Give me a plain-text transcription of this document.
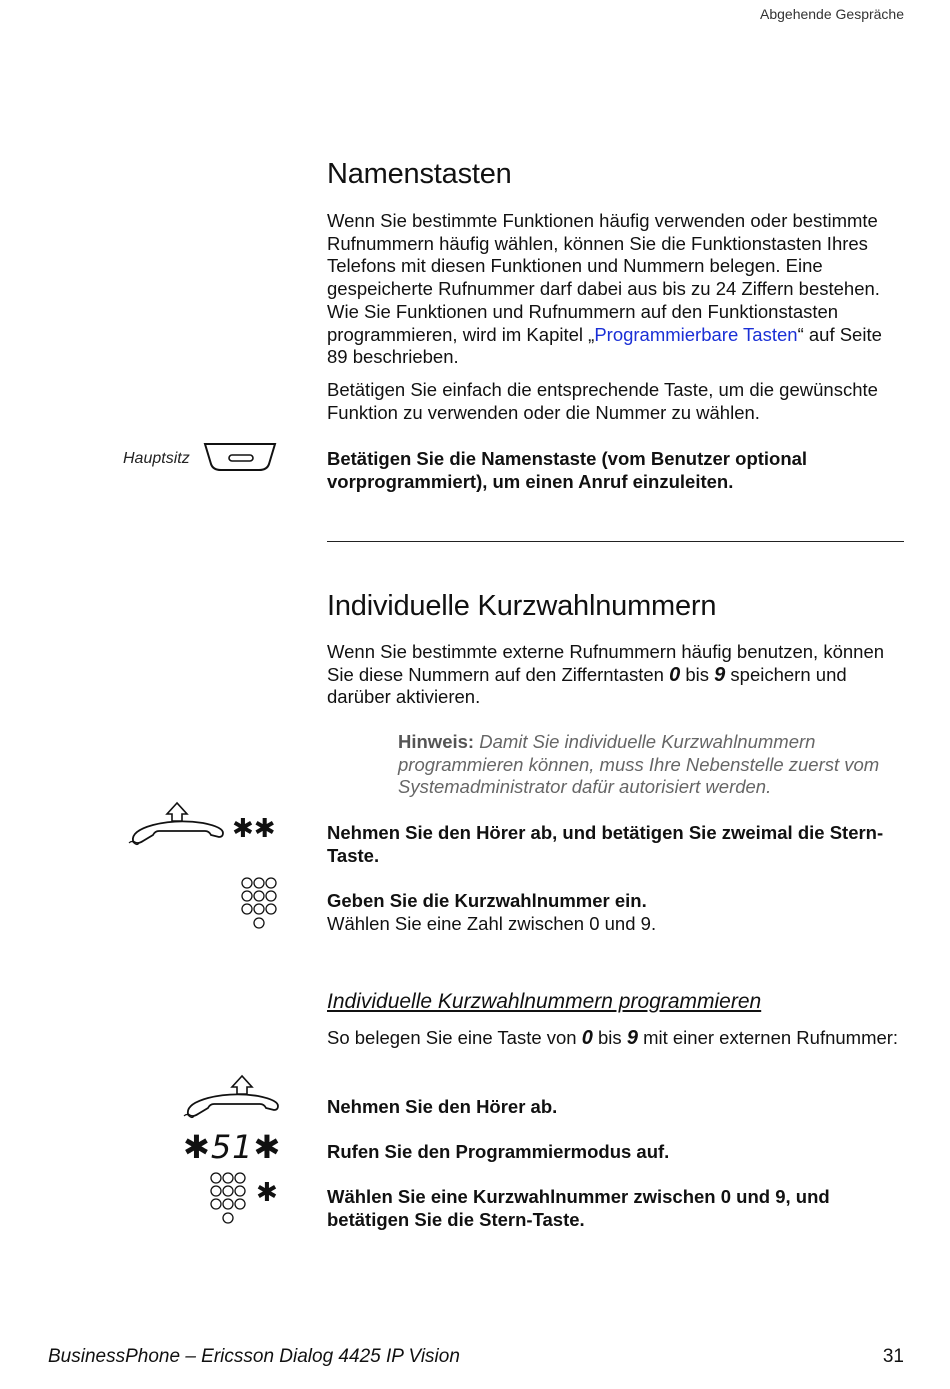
Abgehende Gespräche
Namenstasten

Wenn Sie bestimmte Funktionen häufig verwenden oder bestimmte Rufnummern häufig wählen, können Sie die Funktionstasten Ihres Telefons mit diesen Funktionen und Nummern belegen. Eine gespeicherte Rufnummer darf dabei aus bis zu 24 Ziffern bestehen. Wie Sie Funktionen und Rufnummern auf den Funktionstasten programmieren, wird im Kapitel „Programmierbare Tasten“ auf Seite 89 beschrieben.

Betätigen Sie einfach die entsprechende Taste, um die gewünschte Funktion zu verwenden oder die Nummer zu wählen.
Hauptsitz	Betätigen Sie die Namenstaste (vom Benutzer optional vorprogrammiert), um einen Anruf einzuleiten.
Individuelle Kurzwahlnummern
Wenn Sie bestimmte externe Rufnummern häufig benutzen, können Sie diese Nummern auf den Zifferntasten 0 bis 9 speichern und darüber aktivieren.
Hinweis: Damit Sie individuelle Kurzwahlnummern programmieren können, muss Ihre Nebenstelle zuerst vom Systemadministrator dafür autorisiert werden.
✱✱	Nehmen Sie den Hörer ab, und betätigen Sie zweimal die Stern-Taste.
Geben Sie die Kurzwahlnummer ein.
Wählen Sie eine Zahl zwischen 0 und 9.
Individuelle Kurzwahlnummern programmieren
So belegen Sie eine Taste von 0 bis 9 mit einer externen Rufnummer:
Nehmen Sie den Hörer ab.
✱51✱ Rufen Sie den Programmiermodus auf.
✱	Wählen Sie eine Kurzwahlnummer zwischen 0 und 9, und betätigen Sie die Stern-Taste.
BusinessPhone – Ericsson Dialog 4425 IP Vision	31
